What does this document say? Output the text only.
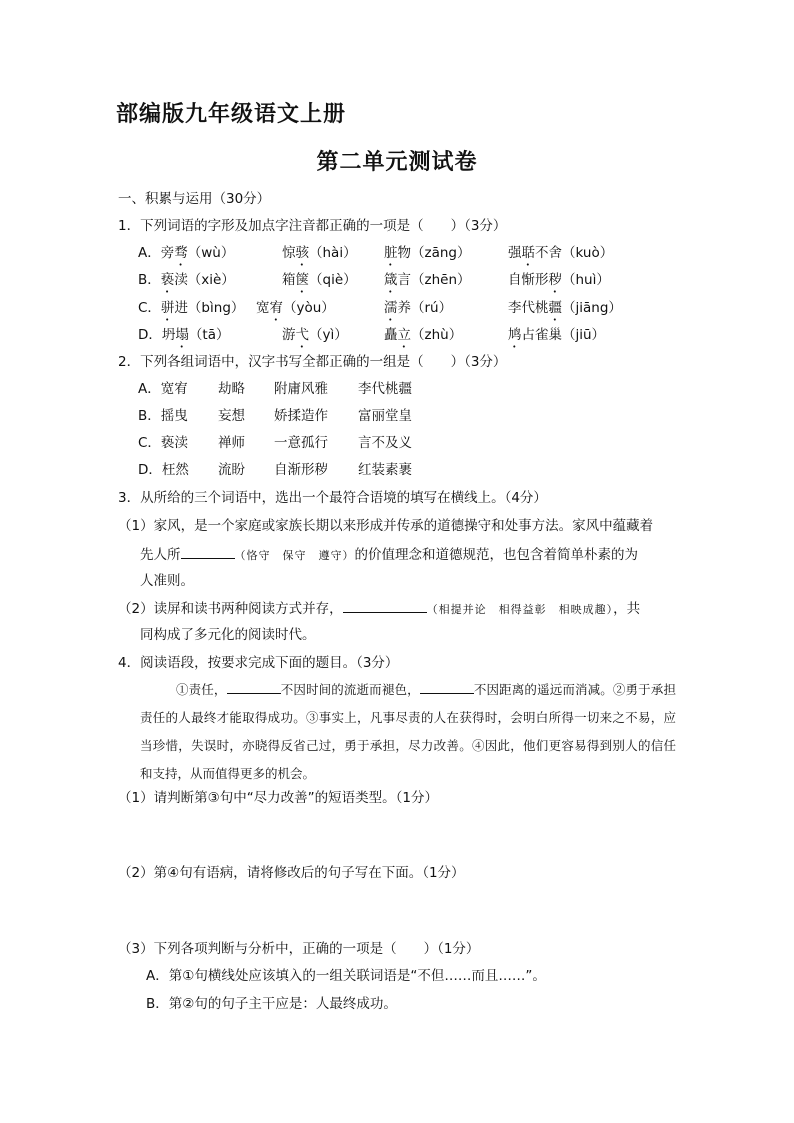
部编版九年级语文上册
第二单元测试卷
一、积累与运用（30分）
1．下列词语的字形及加点字注音都正确的一项是（　　）（3分）
A．旁骛（wù）	惊骇（hài） 脏物（zāng）	强聒不舍（kuò）
B．亵渎（xiè）	箱箧（qiè） 箴言（zhēn）	自惭形秽（huì）
C．骈进（bìng） 宽宥（yòu）	濡养（rú）	李代桃疆（jiāng）
D．坍塌（tā）	游弋（yì）	矗立（zhù）	鸠占雀巢（jiū）
2．下列各组词语中，汉字书写全都正确的一组是（　　）（3分）
A．宽宥 劫略 附庸风雅 李代桃疆
B．摇曳 妄想 娇揉造作 富丽堂皇
C．亵渎 禅师 一意孤行 言不及义
D．枉然 流盼 自渐形秽 红装素裹
3．从所给的三个词语中，选出一个最符合语境的填写在横线上。（4分）
（1）家风，是一个家庭或家族长期以来形成并传承的道德操守和处事方法。家风中蕴藏着
先人所	（恪守　保守　遵守）的价值理念和道德规范，也包含着简单朴素的为
人准则。
（2）读屏和读书两种阅读方式并存，	（相提并论　相得益彰　相映成趣），共
同构成了多元化的阅读时代。
4．阅读语段，按要求完成下面的题目。（3分）
①责任，	不因时间的流逝而褪色，	不因距离的遥远而消减。②勇于承担责任的人最终才能取得成功。③事实上，凡事尽责的人在获得时，会明白所得一切来之不易，应当珍惜，失误时，亦晓得反省己过，勇于承担，尽力改善。④因此，他们更容易得到别人的信任和支持，从而值得更多的机会。
（1）请判断第③句中“尽力改善”的短语类型。（1分）
（2）第④句有语病，请将修改后的句子写在下面。（1分）
（3）下列各项判断与分析中，正确的一项是（　　）（1分）
A．第①句横线处应该填入的一组关联词语是“不但……而且……”。
B．第②句的句子主干应是：人最终成功。
